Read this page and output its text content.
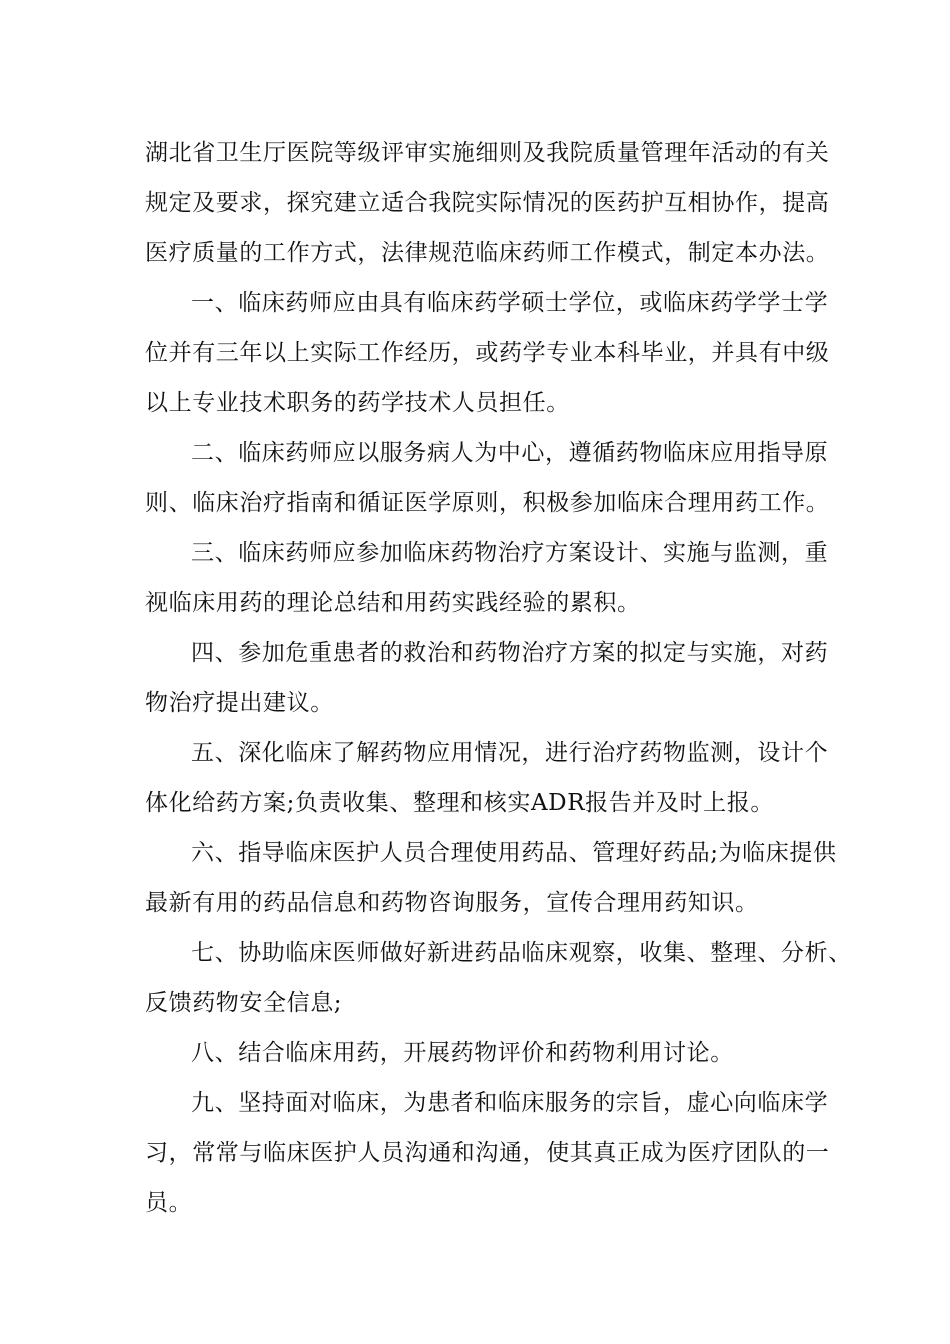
湖北省卫生厅医院等级评审实施细则及我院质量管理年活动的有关
规定及要求，探究建立适合我院实际情况的医药护互相协作，提高
医疗质量的工作方式，法律规范临床药师工作模式，制定本办法。
一、临床药师应由具有临床药学硕士学位，或临床药学学士学
位并有三年以上实际工作经历，或药学专业本科毕业，并具有中级
以上专业技术职务的药学技术人员担任。
二、临床药师应以服务病人为中心，遵循药物临床应用指导原
则、临床治疗指南和循证医学原则，积极参加临床合理用药工作。
三、临床药师应参加临床药物治疗方案设计、实施与监测，重
视临床用药的理论总结和用药实践经验的累积。
四、参加危重患者的救治和药物治疗方案的拟定与实施，对药
物治疗提出建议。
五、深化临床了解药物应用情况，进行治疗药物监测，设计个
体化给药方案;负责收集、整理和核实ADR报告并及时上报。
六、指导临床医护人员合理使用药品、管理好药品;为临床提供
最新有用的药品信息和药物咨询服务，宣传合理用药知识。
七、协助临床医师做好新进药品临床观察，收集、整理、分析、
反馈药物安全信息;
八、结合临床用药，开展药物评价和药物利用讨论。
九、坚持面对临床，为患者和临床服务的宗旨，虚心向临床学
习，常常与临床医护人员沟通和沟通，使其真正成为医疗团队的一
员。
